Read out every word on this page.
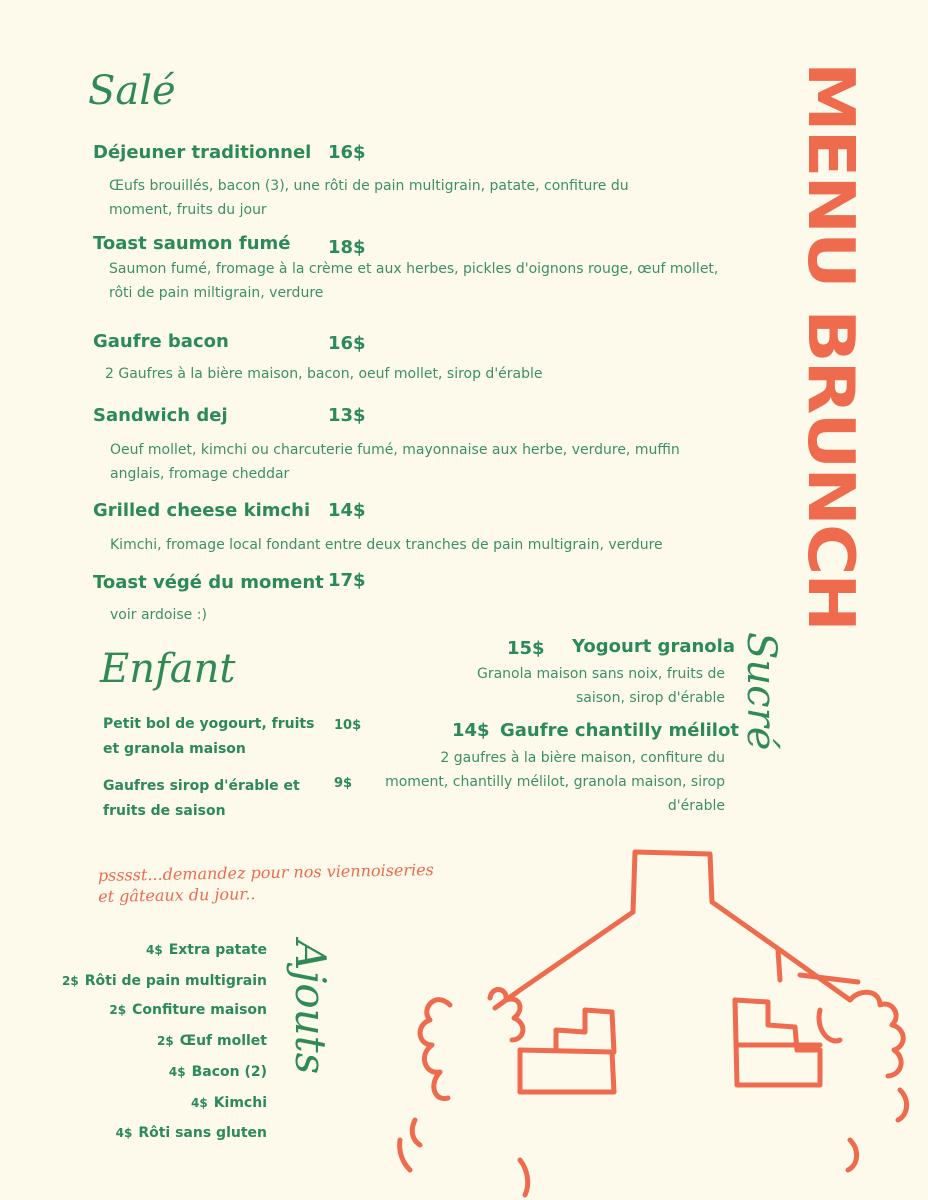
MENU BRUNCH
Salé
Déjeuner traditionnel 16$
Œufs brouillés, bacon (3), une rôti de pain multigrain, patate, confiture du moment, fruits du jour
Toast saumon fumé 18$
Saumon fumé, fromage à la crème et aux herbes, pickles d'oignons rouge, œuf mollet, rôti de pain miltigrain, verdure
Gaufre bacon	16$
2 Gaufres à la bière maison, bacon, oeuf mollet, sirop d'érable
Sandwich dej	13$
Oeuf mollet, kimchi ou charcuterie fumé, mayonnaise aux herbe, verdure, muffin anglais, fromage cheddar
Grilled cheese kimchi 14$
Kimchi, fromage local fondant entre deux tranches de pain multigrain, verdure
Toast végé du moment 17$
voir ardoise :)
Enfant
Petit bol de yogourt, fruits et granola maison
10$
Gaufres sirop d'érable et fruits de saison
9$
15$ Yogourt granola
Granola maison sans noix, fruits de saison, sirop d'érable
14$ Gaufre chantilly mélilot
2 gaufres à la bière maison, confiture du moment, chantilly mélilot, granola maison, sirop d'érable
Sucré
psssst...demandez pour nos viennoiseries et gâteaux du jour..
Ajouts
4$ Extra patate
2$ Rôti de pain multigrain
2$ Confiture maison
2$ Œuf mollet
4$ Bacon (2)
4$ Kimchi
4$ Rôti sans gluten
